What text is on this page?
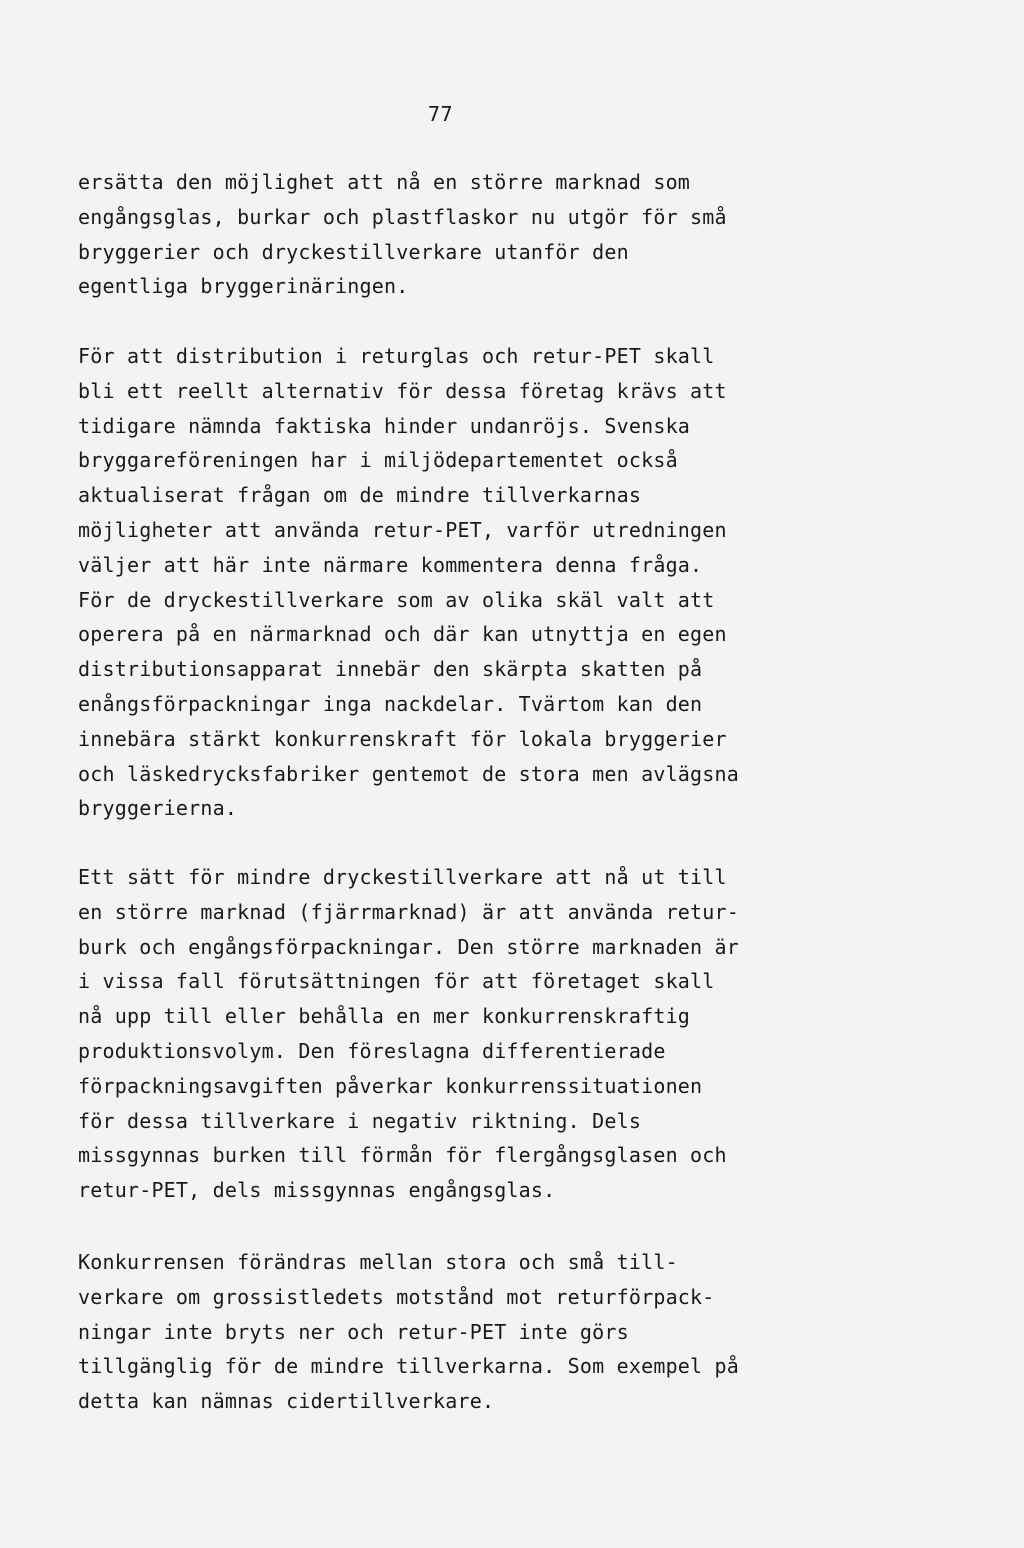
77
ersätta den möjlighet att nå en större marknad som
engångsglas, burkar och plastflaskor nu utgör för små
bryggerier och dryckestillverkare utanför den
egentliga bryggerinäringen.
För att distribution i returglas och retur-PET skall
bli ett reellt alternativ för dessa företag krävs att
tidigare nämnda faktiska hinder undanröjs. Svenska
bryggareföreningen har i miljödepartementet också
aktualiserat frågan om de mindre tillverkarnas
möjligheter att använda retur-PET, varför utredningen
väljer att här inte närmare kommentera denna fråga.
För de dryckestillverkare som av olika skäl valt att
operera på en närmarknad och där kan utnyttja en egen
distributionsapparat innebär den skärpta skatten på
enångsförpackningar inga nackdelar. Tvärtom kan den
innebära stärkt konkurrenskraft för lokala bryggerier
och läskedrycksfabriker gentemot de stora men avlägsna
bryggerierna.
Ett sätt för mindre dryckestillverkare att nå ut till
en större marknad (fjärrmarknad) är att använda retur-
burk och engångsförpackningar. Den större marknaden är
i vissa fall förutsättningen för att företaget skall
nå upp till eller behålla en mer konkurrenskraftig
produktionsvolym. Den föreslagna differentierade
förpackningsavgiften påverkar konkurrenssituationen
för dessa tillverkare i negativ riktning. Dels
missgynnas burken till förmån för flergångsglasen och
retur-PET, dels missgynnas engångsglas.
Konkurrensen förändras mellan stora och små till-
verkare om grossistledets motstånd mot returförpack-
ningar inte bryts ner och retur-PET inte görs
tillgänglig för de mindre tillverkarna. Som exempel på
detta kan nämnas cidertillverkare.
